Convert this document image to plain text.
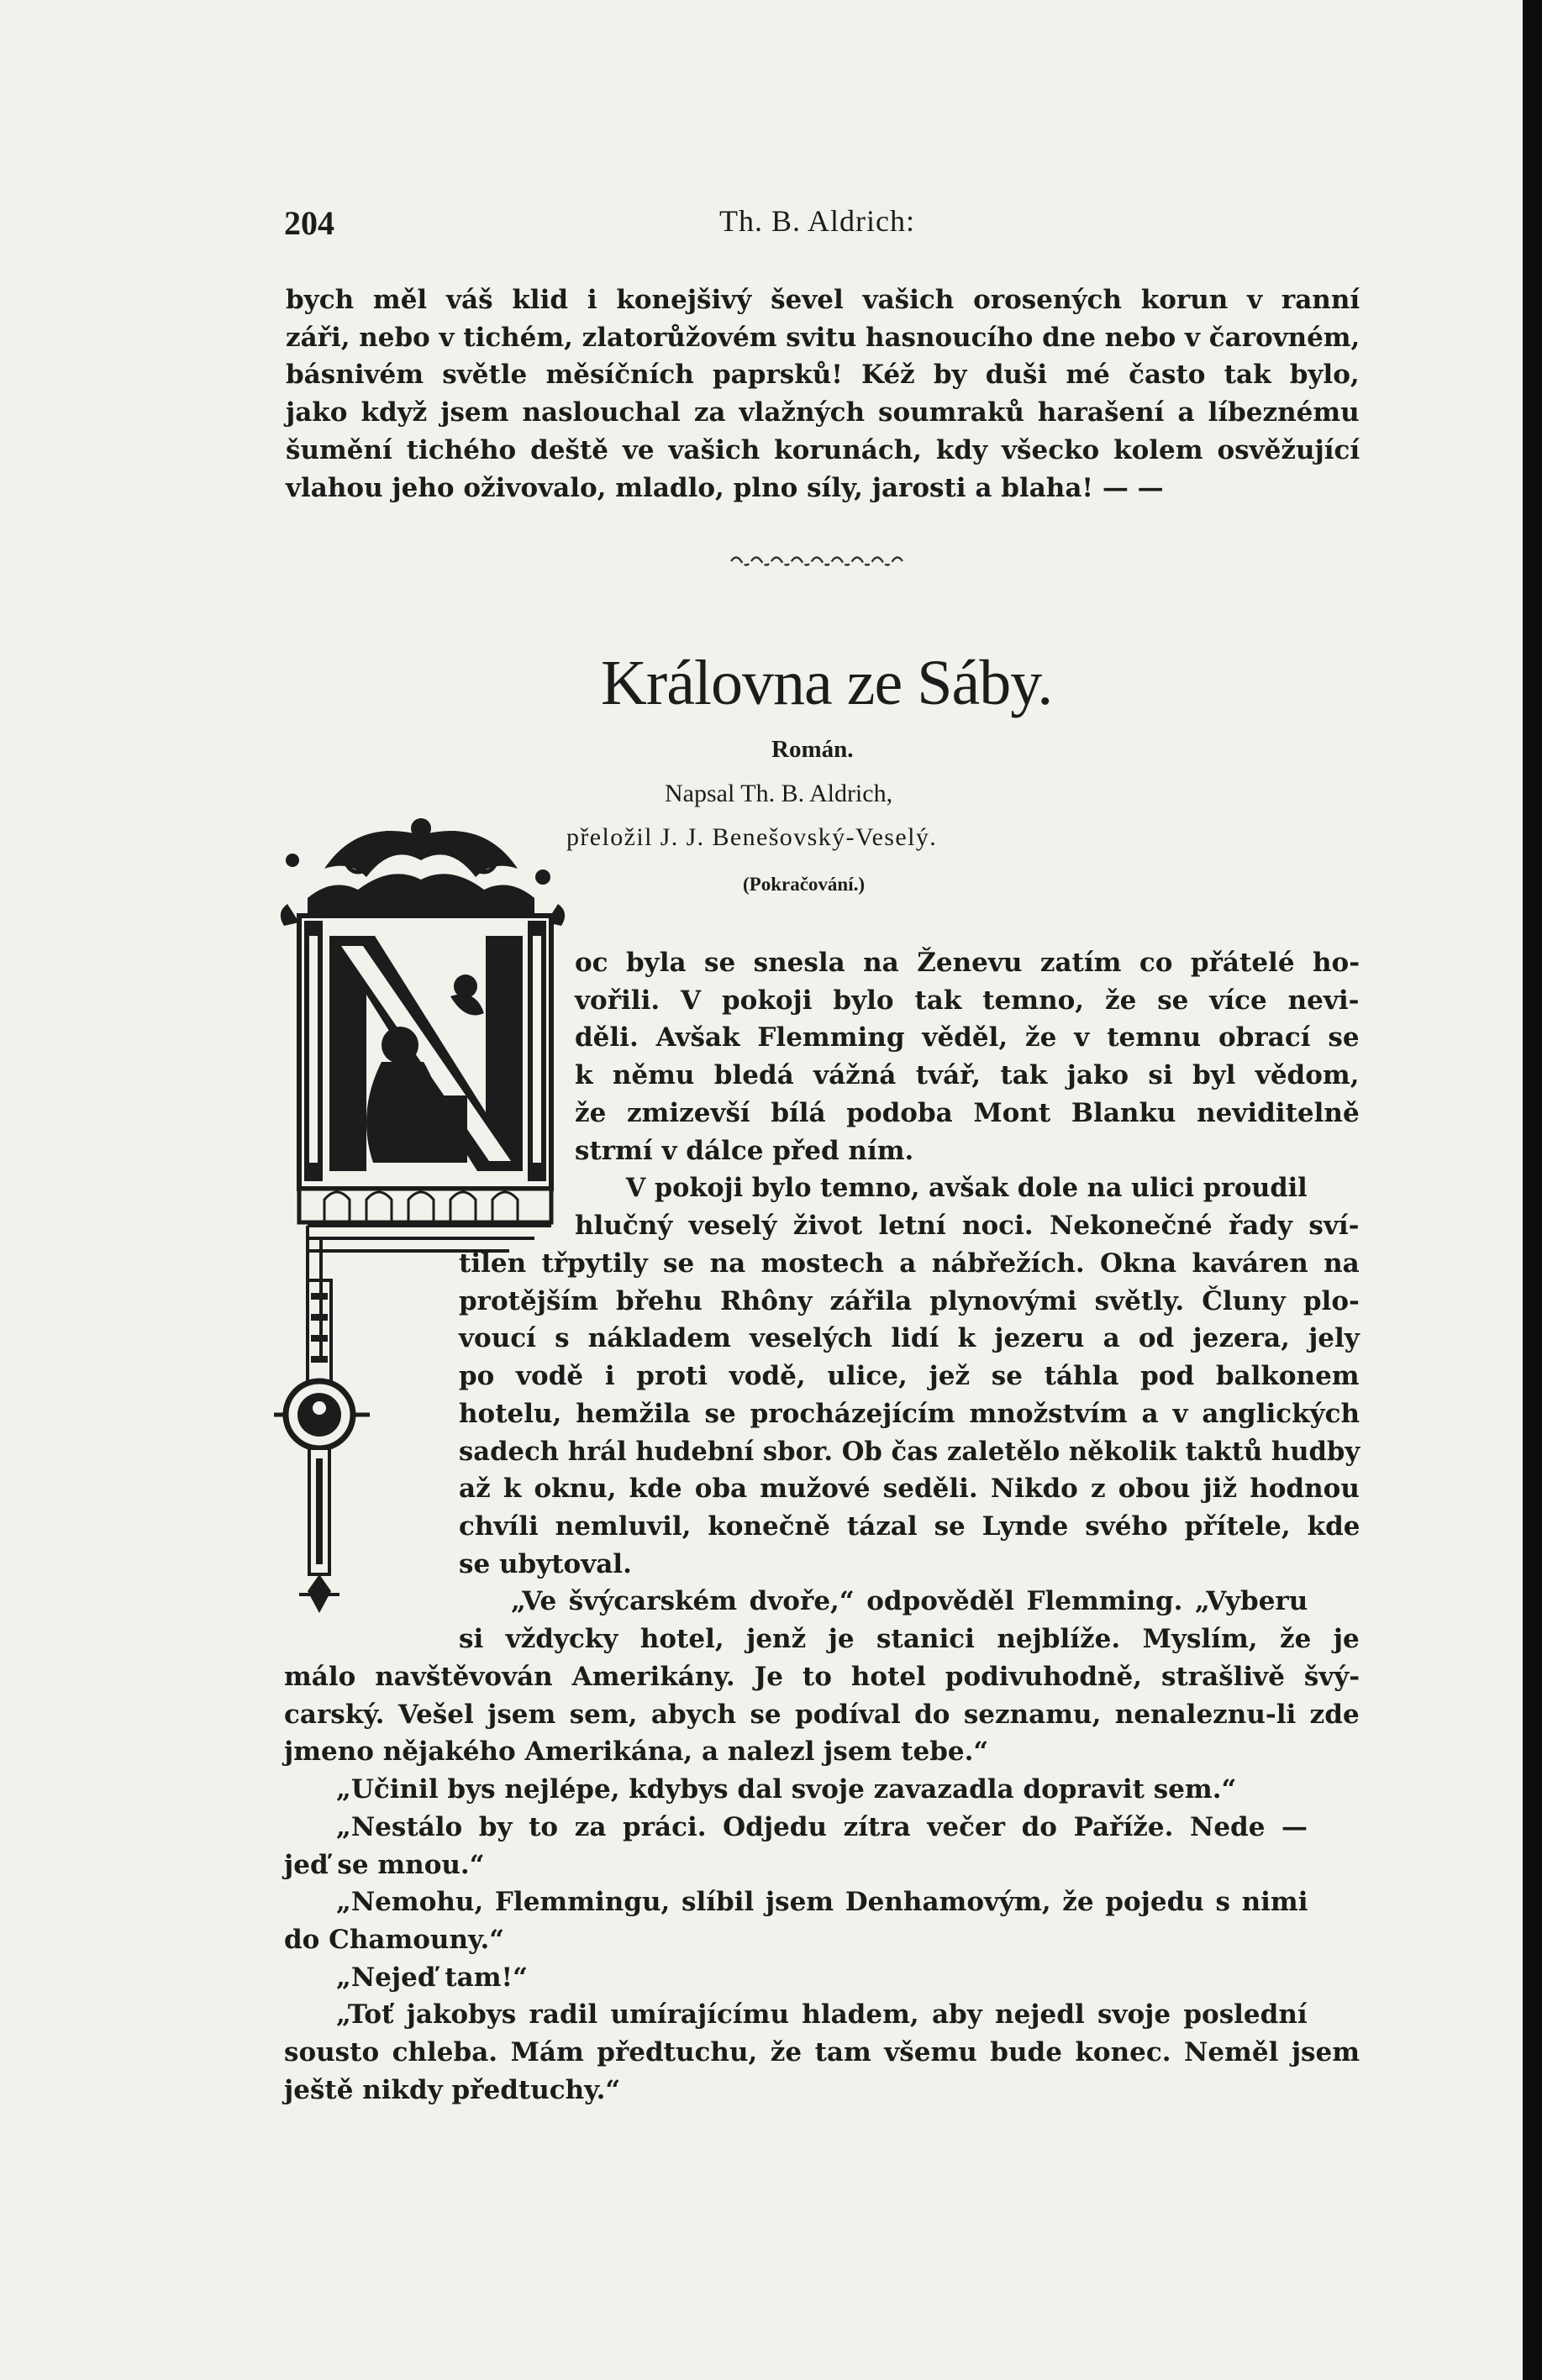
204	Th. B. Aldrich:
bych měl váš klid i konejšivý ševel vašich orosených korun v ranní
záři, nebo v tichém, zlatorůžovém svitu hasnoucího dne nebo v čarovném,
básnivém světle měsíčních paprsků! Kéž by duši mé často tak bylo,
jako když jsem naslouchal za vlažných soumraků harašení a líbeznému
šumění tichého deště ve vašich korunách, kdy všecko kolem osvěžující
vlahou jeho oživovalo, mladlo, plno síly, jarosti a blaha! — —
Královna ze Sáby.
Román.
Napsal Th. B. Aldrich,
přeložil J. J. Benešovský-Veselý.
(Pokračování.)
oc byla se snesla na Ženevu zatím co přátelé ho-
vořili. V pokoji bylo tak temno, že se více nevi-
děli. Avšak Flemming věděl, že v temnu obrací se
k němu bledá vážná tvář, tak jako si byl vědom,
že zmizevší bílá podoba Mont Blanku neviditelně
strmí v dálce před ním.
V pokoji bylo temno, avšak dole na ulici proudil
hlučný veselý život letní noci. Nekonečné řady sví-
tilen třpytily se na mostech a nábřežích. Okna kaváren na
protějším břehu Rhôny zářila plynovými světly. Čluny plo-
voucí s nákladem veselých lidí k jezeru a od jezera, jely
po vodě i proti vodě, ulice, jež se táhla pod balkonem
hotelu, hemžila se procházejícím množstvím a v anglických
sadech hrál hudební sbor. Ob čas zaletělo několik taktů hudby
až k oknu, kde oba mužové seděli. Nikdo z obou již hodnou
chvíli nemluvil, konečně tázal se Lynde svého přítele, kde
se ubytoval.
„Ve švýcarském dvoře,“ odpověděl Flemming. „Vyberu
si vždycky hotel, jenž je stanici nejblíže. Myslím, že je
málo navštěvován Amerikány. Je to hotel podivuhodně, strašlivě švý-
carský. Vešel jsem sem, abych se podíval do seznamu, nenaleznu-li zde
jmeno nějakého Amerikána, a nalezl jsem tebe.“
„Učinil bys nejlépe, kdybys dal svoje zavazadla dopravit sem.“
„Nestálo by to za práci. Odjedu zítra večer do Paříže. Nede —
jeď se mnou.“
„Nemohu, Flemmingu, slíbil jsem Denhamovým, že pojedu s nimi
do Chamouny.“
„Nejeď tam!“
„Toť jakobys radil umírajícímu hladem, aby nejedl svoje poslední
sousto chleba. Mám předtuchu, že tam všemu bude konec. Neměl jsem
ještě nikdy předtuchy.“
